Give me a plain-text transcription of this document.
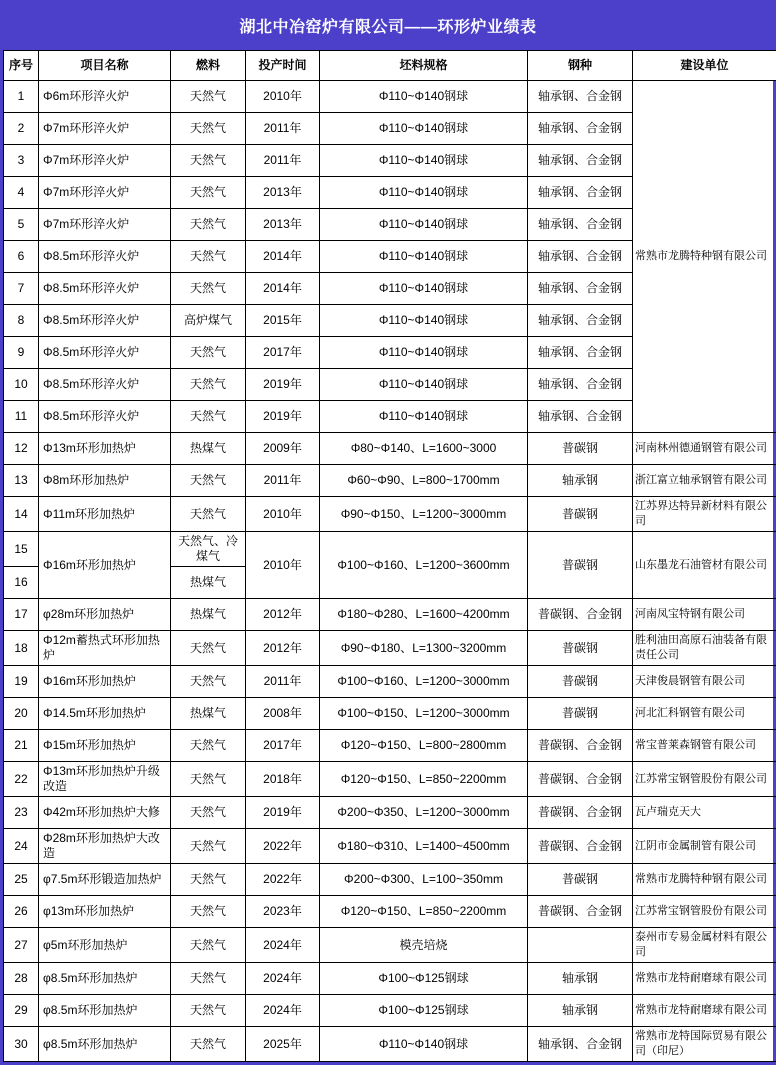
湖北中冶窑炉有限公司——环形炉业绩表
序号	项目名称	燃料	投产时间	坯料规格	钢种	建设单位
1	Φ6m环形淬火炉	天然气	2010年	Φ110~Φ140钢球	轴承钢、合金钢	常熟市龙腾特种钢有限公司
2	Φ7m环形淬火炉	天然气	2011年	Φ110~Φ140钢球	轴承钢、合金钢	
3	Φ7m环形淬火炉	天然气	2011年	Φ110~Φ140钢球	轴承钢、合金钢	
4	Φ7m环形淬火炉	天然气	2013年	Φ110~Φ140钢球	轴承钢、合金钢	
5	Φ7m环形淬火炉	天然气	2013年	Φ110~Φ140钢球	轴承钢、合金钢	
6	Φ8.5m环形淬火炉	天然气	2014年	Φ110~Φ140钢球	轴承钢、合金钢	
7	Φ8.5m环形淬火炉	天然气	2014年	Φ110~Φ140钢球	轴承钢、合金钢	
8	Φ8.5m环形淬火炉	高炉煤气	2015年	Φ110~Φ140钢球	轴承钢、合金钢	
9	Φ8.5m环形淬火炉	天然气	2017年	Φ110~Φ140钢球	轴承钢、合金钢	
10	Φ8.5m环形淬火炉	天然气	2019年	Φ110~Φ140钢球	轴承钢、合金钢	
11	Φ8.5m环形淬火炉	天然气	2019年	Φ110~Φ140钢球	轴承钢、合金钢	
12	Φ13m环形加热炉	热煤气	2009年	Φ80~Φ140、L=1600~3000	普碳钢	河南林州德通钢管有限公司
13	Φ8m环形加热炉	天然气	2011年	Φ60~Φ90、L=800~1700mm	轴承钢	浙江富立轴承钢管有限公司
14	Φ11m环形加热炉	天然气	2010年	Φ90~Φ150、L=1200~3000mm	普碳钢	江苏界达特异新材料有限公司
15	Φ16m环形加热炉	天然气、冷煤气	2010年	Φ100~Φ160、L=1200~3600mm	普碳钢	山东墨龙石油管材有限公司
16		热煤气				
17	φ28m环形加热炉	热煤气	2012年	Φ180~Φ280、L=1600~4200mm	普碳钢、合金钢	河南凤宝特钢有限公司
18	Φ12m蓄热式环形加热炉	天然气	2012年	Φ90~Φ180、L=1300~3200mm	普碳钢	胜利油田高原石油装备有限责任公司
19	Φ16m环形加热炉	天然气	2011年	Φ100~Φ160、L=1200~3000mm	普碳钢	天津俊晨钢管有限公司
20	Φ14.5m环形加热炉	热煤气	2008年	Φ100~Φ150、L=1200~3000mm	普碳钢	河北汇科钢管有限公司
21	Φ15m环形加热炉	天然气	2017年	Φ120~Φ150、L=800~2800mm	普碳钢、合金钢	常宝普莱森钢管有限公司
22	Φ13m环形加热炉升级改造	天然气	2018年	Φ120~Φ150、L=850~2200mm	普碳钢、合金钢	江苏常宝钢管股份有限公司
23	Φ42m环形加热炉大修	天然气	2019年	Φ200~Φ350、L=1200~3000mm	普碳钢、合金钢	瓦卢瑞克天大
24	Φ28m环形加热炉大改造	天然气	2022年	Φ180~Φ310、L=1400~4500mm	普碳钢、合金钢	江阴市金属制管有限公司
25	φ7.5m环形锻造加热炉	天然气	2022年	Φ200~Φ300、L=100~350mm	普碳钢	常熟市龙腾特种钢有限公司
26	φ13m环形加热炉	天然气	2023年	Φ120~Φ150、L=850~2200mm	普碳钢、合金钢	江苏常宝钢管股份有限公司
27	φ5m环形加热炉	天然气	2024年	模壳培烧		泰州市专易金属材料有限公司
28	φ8.5m环形加热炉	天然气	2024年	Φ100~Φ125钢球	轴承钢	常熟市龙特耐磨球有限公司
29	φ8.5m环形加热炉	天然气	2024年	Φ100~Φ125钢球	轴承钢	常熟市龙特耐磨球有限公司
30	φ8.5m环形加热炉	天然气	2025年	Φ110~Φ140钢球	轴承钢、合金钢	常熟市龙特国际贸易有限公司（印尼）
